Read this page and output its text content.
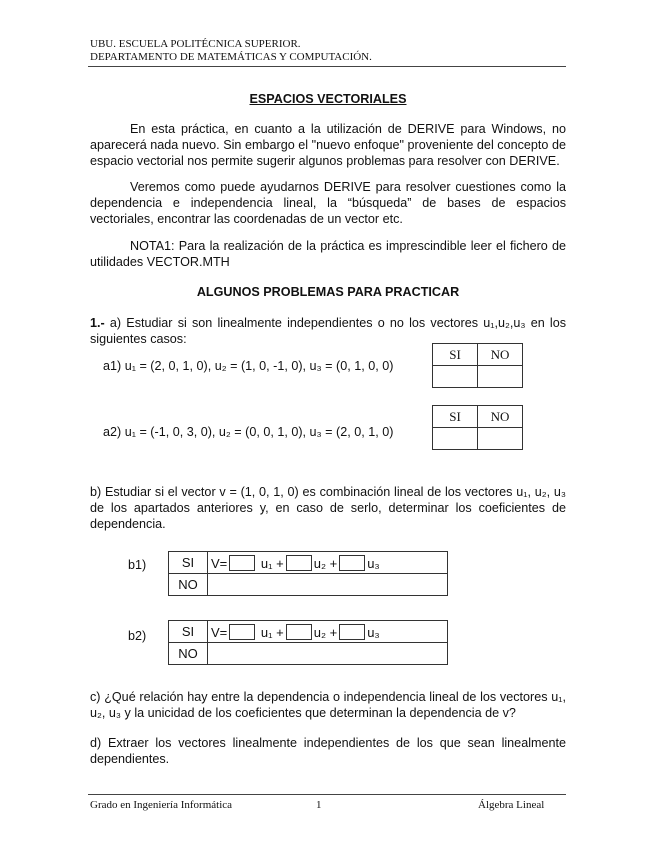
UBU. ESCUELA POLITÉCNICA SUPERIOR.
DEPARTAMENTO DE MATEMÁTICAS Y COMPUTACIÓN.
ESPACIOS VECTORIALES
En esta práctica, en cuanto a la utilización de DERIVE para Windows, no aparecerá nada nuevo. Sin embargo el "nuevo enfoque" proveniente del concepto de espacio vectorial nos permite sugerir algunos problemas para resolver con DERIVE.
Veremos como puede ayudarnos DERIVE para resolver cuestiones como la dependencia e independencia lineal, la “búsqueda” de bases de espacios vectoriales, encontrar las coordenadas de un vector etc.
NOTA1: Para la realización de la práctica es imprescindible leer el fichero de utilidades VECTOR.MTH
ALGUNOS PROBLEMAS PARA PRACTICAR
1.- a) Estudiar si son linealmente independientes o no los vectores u₁,u₂,u₃ en los siguientes casos:
a1) u₁ = (2, 0, 1, 0), u₂ = (1, 0, -1, 0), u₃ = (0, 1, 0, 0)
SI	NO

a2) u₁ = (-1, 0, 3, 0), u₂ = (0, 0, 1, 0), u₃ = (2, 0, 1, 0)
SI	NO

b) Estudiar si el vector v = (1, 0, 1, 0) es combinación lineal de los vectores u₁, u₂, u₃ de los apartados anteriores y, en caso de serlo, determinar los coeficientes de dependencia.
b1)	SI	V= u₁ + u₂ + u₃
NO	
b2)	SI	V= u₁ + u₂ + u₃
NO	
c) ¿Qué relación hay entre la dependencia o independencia lineal de los vectores u₁, u₂, u₃ y la unicidad de los coeficientes que determinan la dependencia de v?
d) Extraer los vectores linealmente independientes de los que sean linealmente dependientes.
Grado en Ingeniería Informática	1	Álgebra Lineal
